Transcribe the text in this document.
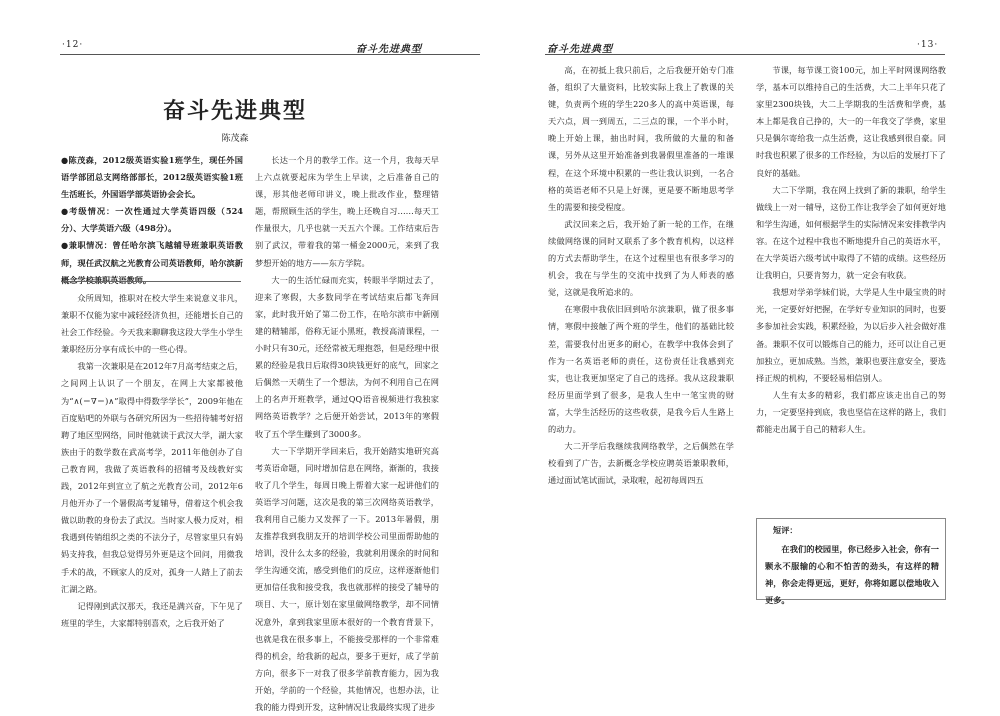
·12·	奋斗先进典型
奋斗先进典型
陈茂森

●陈茂森，2012级英语实验1班学生，现任外国语学部团总支网络部部长，2012级英语实验1班生活班长，外国语学部英语协会会长。

●考级情况：一次性通过大学英语四级（524分）、大学英语六级（498分）。

●兼职情况：曾任哈尔滨飞越辅导班兼职英语教师，现任武汉航之光教育公司英语教师，哈尔滨新概念学校兼职英语教师。

众所周知，推职对在校大学生来说意义非凡，兼职不仅能为家中减轻经济负担，还能增长自己的社会工作经验。今天我来聊聊我这段大学生小学生兼职经历分享有成长中的一些心得。

我第一次兼职是在2012年7月高考结束之后，之间网上认识了一个朋友，在网上大家都被他为“∧(＝∇＝)∧”取得中得数学学长”，2009年他在百度贴吧的外联与各研究所因为一些招待辅考好招聘了地区型网络，同时他就读于武汉大学，湖大家族由于的数学数在武高考学，2011年他创办了自己教育网，我做了英语教科的招辅考及线教好实践，2012年到宣立了航之光教育公司，2012年6月他开办了一个暑假高考复辅导，借着这个机会我做以助教的身份去了武汉。当时家人极力反对，相我遇到传销组织之类的不法分子，尽管家里只有妈妈支持我，但我总觉得另外更是这个回问，用微我手术的战，不顾家人的反对，孤身一人踏上了前去汇湖之路。

记得刚到武汉那天，我还是满兴奋，下午见了班里的学生，大家都特别喜欢，之后我开始了

长达一个月的教学工作。这一个月，我每天早上六点就要起床为学生上早读，之后准备自己的课，形其他老师印讲义，晚上批改作业，整理错题，帮照顾生活的学生，晚上还晚自习……每天工作量很大，几乎也就一天五六个课。工作结束后告别了武汉，带着我的第一桶金2000元，来到了我梦想开始的地方——东方学院。

大一的生活忙碌而充实，转眼半学期过去了，迎来了寒假，大多数同学在考试结束后都飞奔回家，此时我开始了第二份工作，在哈尔滨市中新刚建的精辅部，俗称无证小黑班，教授高清课程，一小时只有30元，还经常被无理抱怨，但是经理中很累的经验是我日后取得30块钱更好的底气，回家之后偶然一天萌生了一个想法，为何不利用自己在网上的名声开班教学，通过QQ语音视频进行我独家网络英语教学？之后便开始尝试，2013年的寒假收了五个学生赚到了3000多。

大一下学期开学回来后，我开始踏实地研究高考英语命题，同时增加信息在网络，渐渐的，我接收了几个学生，每周日晚上帮着大家一起讲他们的英语学习问题，这次是我的第三次网络英语教学，我利用自己能力又发挥了一下。2013年暑假，朋友推荐我到我朋友开的培训学校公司里面帮助他的培训，没什么太多的经验，我就利用课余的时间和学生沟通交流，感受到他们的反应，这样逐渐他们更加信任我和接受我，我也就那样的接受了辅导的项目、大一，原计划在家里做网络教学，却不同情况意外，拿到我家里原本很好的一个教育背景下，也就是我在很多事上，不能接受那样的一个非常难得的机会，给我新的起点，要多于更好，成了学前方向，很多下一对我了很多学前教育能力，因为我开始，学前的一个经验，其他情况，也想办法，让我的能力得到开发，这种情况让我最终实现了进步

奋斗先进典型	·13·

高，在初抵上我只前后，之后我便开始专门准备，组织了大量资料，比较实际上我上了教课的关键，负责两个班的学生220多人的高中英语课，每天六点，周一到周五，二三点的课，一个半小时，晚上开始上课，抽出时间，我所做的大量的和备课，另外从这里开始准备到我暑假里准备的一堆课程，在这个环境中积累的一些让我认识到，一名合格的英语老师不只是上好课，更是要不断地思考学生的需要和接受程度。

武汉回来之后，我开始了新一轮的工作，在继续做网络课的同时又联系了多个教育机构，以这样的方式去帮助学生，在这个过程里也有很多学习的机会，我在与学生的交流中找到了为人师表的感觉，这就是我所追求的。

在寒假中我依旧回到哈尔滨兼职，做了很多事情，寒假中接触了两个班的学生，他们的基础比较差，需要我付出更多的耐心，在教学中我体会到了作为一名英语老师的责任，这份责任让我感到充实，也让我更加坚定了自己的选择。我从这段兼职经历里面学到了很多，是我人生中一笔宝贵的财富，大学生活经历的这些收获，是我今后人生路上的动力。

大二开学后我继续我网络教学，之后偶然在学校看到了广告，去新概念学校应聘英语兼职教师，通过面试笔试面试，录取啦，起初每周四五

节课，每节课工资100元，加上平时网课网络教学，基本可以维持自己的生活费，大二上半年只花了家里2300块钱，大二上学期我的生活费和学费，基本上都是我自己挣的，大一的一年我交了学费，家里只是偶尔寄给我一点生活费，这让我感到很自豪。同时我也积累了很多的工作经验，为以后的发展打下了良好的基础。

大二下学期，我在网上找到了新的兼职，给学生做线上一对一辅导，这份工作让我学会了如何更好地和学生沟通，如何根据学生的实际情况来安排教学内容。在这个过程中我也不断地提升自己的英语水平，在大学英语六级考试中取得了不错的成绩。这些经历让我明白，只要肯努力，就一定会有收获。

我想对学弟学妹们说，大学是人生中最宝贵的时光，一定要好好把握，在学好专业知识的同时，也要多参加社会实践，积累经验，为以后步入社会做好准备。兼职不仅可以锻炼自己的能力，还可以让自己更加独立，更加成熟。当然，兼职也要注意安全，要选择正规的机构，不要轻易相信别人。

人生有太多的精彩，我们都应该走出自己的努力，一定要坚持到底，我也坚信在这样的路上，我们都能走出属于自己的精彩人生。

短评：
在我们的校园里，你已经步入社会，你有一颗永不服输的心和不怕苦的劲头，有这样的精神，你会走得更远，更好，你将如愿以偿地收入更多。
